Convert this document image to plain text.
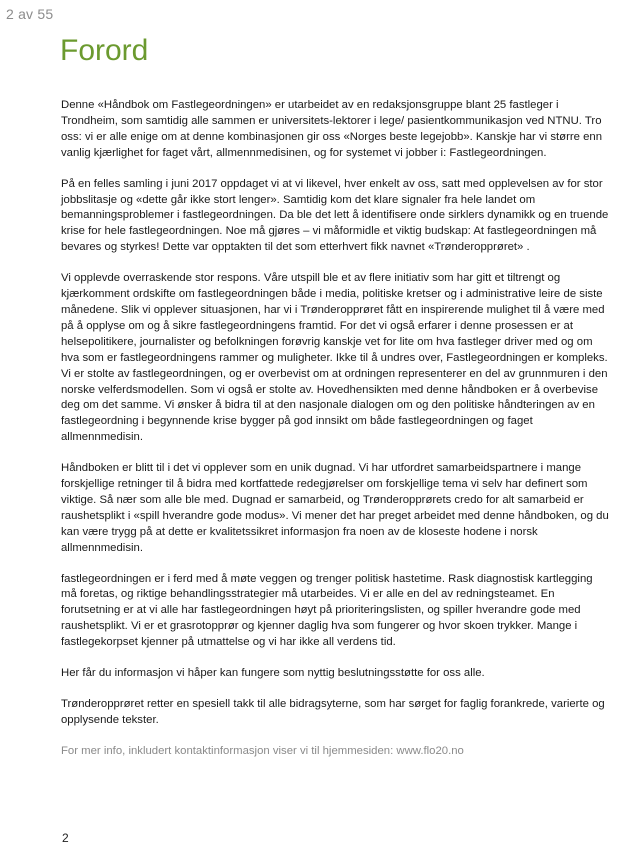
2 av 55
Forord

Denne «Håndbok om Fastlegeordningen» er utarbeidet av en redaksjonsgruppe blant 25 fastleger i Trondheim, som samtidig alle sammen er universitets-lektorer i lege/ pasientkommunikasjon ved NTNU. Tro oss: vi er alle enige om at denne kombinasjonen gir oss «Norges beste legejobb». Kanskje har vi større enn vanlig kjærlighet for faget vårt, allmennmedisinen, og for systemet vi jobber i: Fastlegeordningen.

På en felles samling i juni 2017 oppdaget vi at vi likevel, hver enkelt av oss, satt med opplevelsen av for stor jobbslitasje og «dette går ikke stort lenger». Samtidig kom det klare signaler fra hele landet om bemanningsproblemer i fastlegeordningen. Da ble det lett å identifisere onde sirklers dynamikk og en truende krise for hele fastlegeordningen. Noe må gjøres – vi måformidle et viktig budskap: At fastlegeordningen må bevares og styrkes! Dette var opptakten til det som etterhvert fikk navnet «Trønderopprøret» .

Vi opplevde overraskende stor respons. Våre utspill ble et av flere initiativ som har gitt et tiltrengt og kjærkomment ordskifte om fastlegeordningen både i media, politiske kretser og i administrative leire de siste månedene. Slik vi opplever situasjonen, har vi i Trønderopprøret fått en inspirerende mulighet til å være med på å opplyse om og å sikre fastlegeordningens framtid. For det vi også erfarer i denne prosessen er at helsepolitikere, journalister og befolkningen forøvrig kanskje vet for lite om hva fastleger driver med og om hva som er fastlegeordningens rammer og muligheter. Ikke til å undres over, Fastlegeordningen er kompleks. Vi er stolte av fastlegeordningen, og er overbevist om at ordningen representerer en del av grunnmuren i den norske velferdsmodellen. Som vi også er stolte av. Hovedhensikten med denne håndboken er å overbevise deg om det samme. Vi ønsker å bidra til at den nasjonale dialogen om og den politiske håndteringen av en fastlegeordning i begynnende krise bygger på god innsikt om både fastlegeordningen og faget allmennmedisin.

Håndboken er blitt til i det vi opplever som en unik dugnad. Vi har utfordret samarbeidspartnere i mange forskjellige retninger til å bidra med kortfattede redegjørelser om forskjellige tema vi selv har definert som viktige. Så nær som alle ble med. Dugnad er samarbeid, og Trønderopprørets credo for alt samarbeid er raushetsplikt i «spill hverandre gode modus». Vi mener det har preget arbeidet med denne håndboken, og du kan være trygg på at dette er kvalitetssikret informasjon fra noen av de kloseste hodene i norsk allmennmedisin.

fastlegeordningen er i ferd med å møte veggen og trenger politisk hastetime. Rask diagnostisk kartlegging må foretas, og riktige behandlingsstrategier må utarbeides. Vi er alle en del av redningsteamet. En forutsetning er at vi alle har fastlegeordningen høyt på prioriteringslisten, og spiller hverandre gode med raushetsplikt. Vi er et grasrotopprør og kjenner daglig hva som fungerer og hvor skoen trykker. Mange i fastlegekorpset kjenner på utmattelse og vi har ikke all verdens tid.

Her får du informasjon vi håper kan fungere som nyttig beslutningsstøtte for oss alle.

Trønderopprøret retter en spesiell takk til alle bidragsyterne, som har sørget for faglig forankrede, varierte og opplysende tekster.

For mer info, inkludert kontaktinformasjon viser vi til hjemmesiden: www.flo20.no

2
